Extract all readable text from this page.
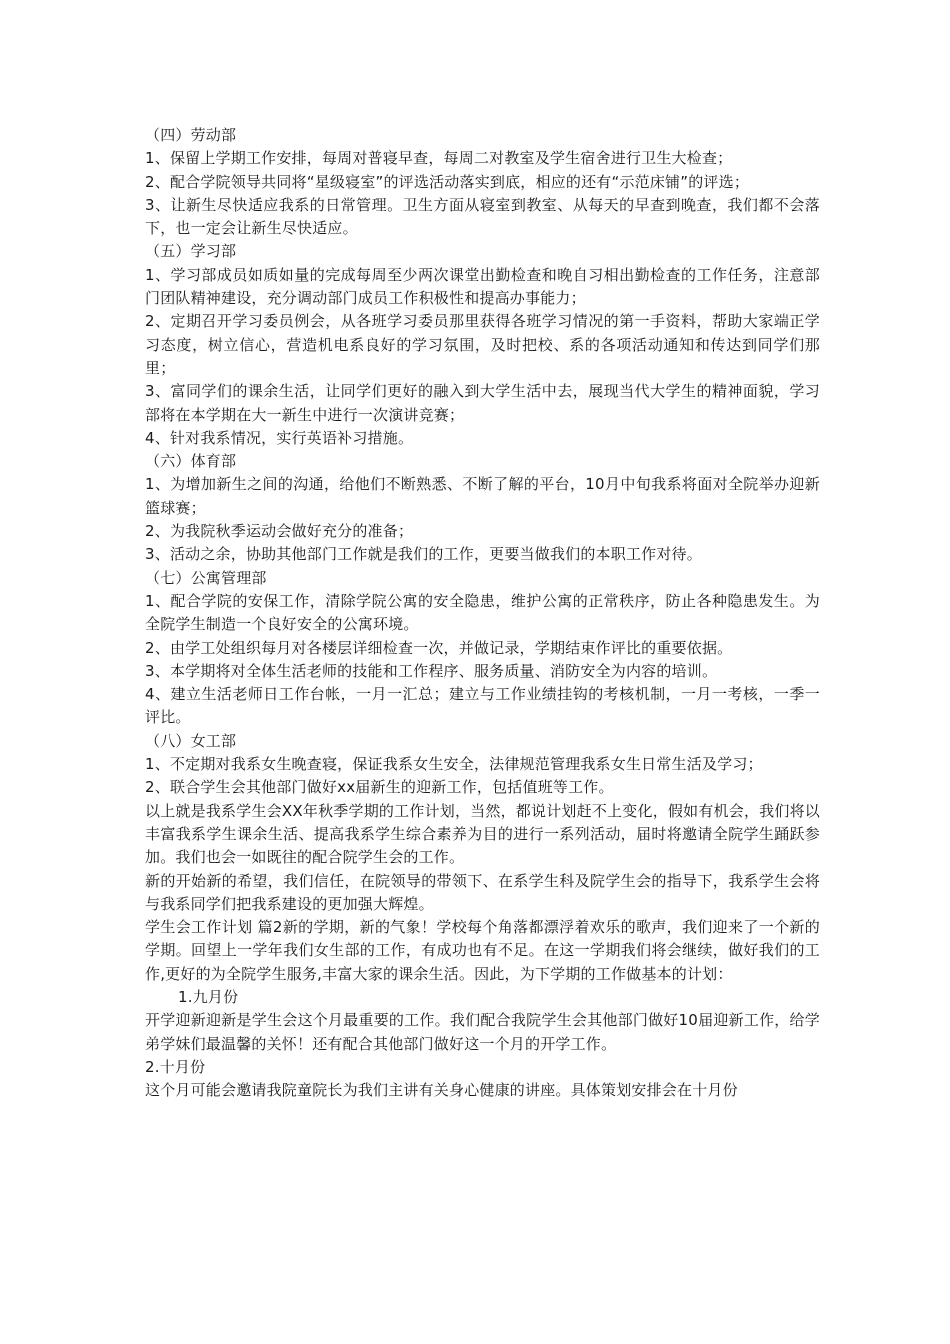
（四）劳动部

1、保留上学期工作安排，每周对普寝早查，每周二对教室及学生宿舍进行卫生大检查；

2、配合学院领导共同将“星级寝室”的评选活动落实到底，相应的还有“示范床铺”的评选；

3、让新生尽快适应我系的日常管理。卫生方面从寝室到教室、从每天的早查到晚查，我们都不会落下，也一定会让新生尽快适应。

（五）学习部

1、学习部成员如质如量的完成每周至少两次课堂出勤检查和晚自习相出勤检查的工作任务，注意部门团队精神建设，充分调动部门成员工作积极性和提高办事能力；

2、定期召开学习委员例会，从各班学习委员那里获得各班学习情况的第一手资料，帮助大家端正学习态度，树立信心，营造机电系良好的学习氛围，及时把校、系的各项活动通知和传达到同学们那里；

3、富同学们的课余生活，让同学们更好的融入到大学生活中去，展现当代大学生的精神面貌，学习部将在本学期在大一新生中进行一次演讲竞赛；

4、针对我系情况，实行英语补习措施。

（六）体育部

1、为增加新生之间的沟通，给他们不断熟悉、不断了解的平台，10月中旬我系将面对全院举办迎新篮球赛；

2、为我院秋季运动会做好充分的准备；

3、活动之余，协助其他部门工作就是我们的工作，更要当做我们的本职工作对待。

（七）公寓管理部

1、配合学院的安保工作，清除学院公寓的安全隐患，维护公寓的正常秩序，防止各种隐患发生。为全院学生制造一个良好安全的公寓环境。

2、由学工处组织每月对各楼层详细检查一次，并做记录，学期结束作评比的重要依据。

3、本学期将对全体生活老师的技能和工作程序、服务质量、消防安全为内容的培训。

4、建立生活老师日工作台帐，一月一汇总；建立与工作业绩挂钩的考核机制，一月一考核，一季一评比。

（八）女工部

1、不定期对我系女生晚查寝，保证我系女生安全，法律规范管理我系女生日常生活及学习；

2、联合学生会其他部门做好xx届新生的迎新工作，包括值班等工作。

以上就是我系学生会XX年秋季学期的工作计划，当然，都说计划赶不上变化，假如有机会，我们将以丰富我系学生课余生活、提高我系学生综合素养为目的进行一系列活动，届时将邀请全院学生踊跃参加。我们也会一如既往的配合院学生会的工作。

新的开始新的希望，我们信任，在院领导的带领下、在系学生科及院学生会的指导下，我系学生会将与我系同学们把我系建设的更加强大辉煌。

学生会工作计划 篇2新的学期，新的气象！学校每个角落都漂浮着欢乐的歌声，我们迎来了一个新的学期。回望上一学年我们女生部的工作，有成功也有不足。在这一学期我们将会继续，做好我们的工作,更好的为全院学生服务,丰富大家的课余生活。因此，为下学期的工作做基本的计划：

1.九月份

开学迎新迎新是学生会这个月最重要的工作。我们配合我院学生会其他部门做好10届迎新工作，给学弟学妹们最温馨的关怀！还有配合其他部门做好这一个月的开学工作。

2.十月份

这个月可能会邀请我院童院长为我们主讲有关身心健康的讲座。具体策划安排会在十月份
